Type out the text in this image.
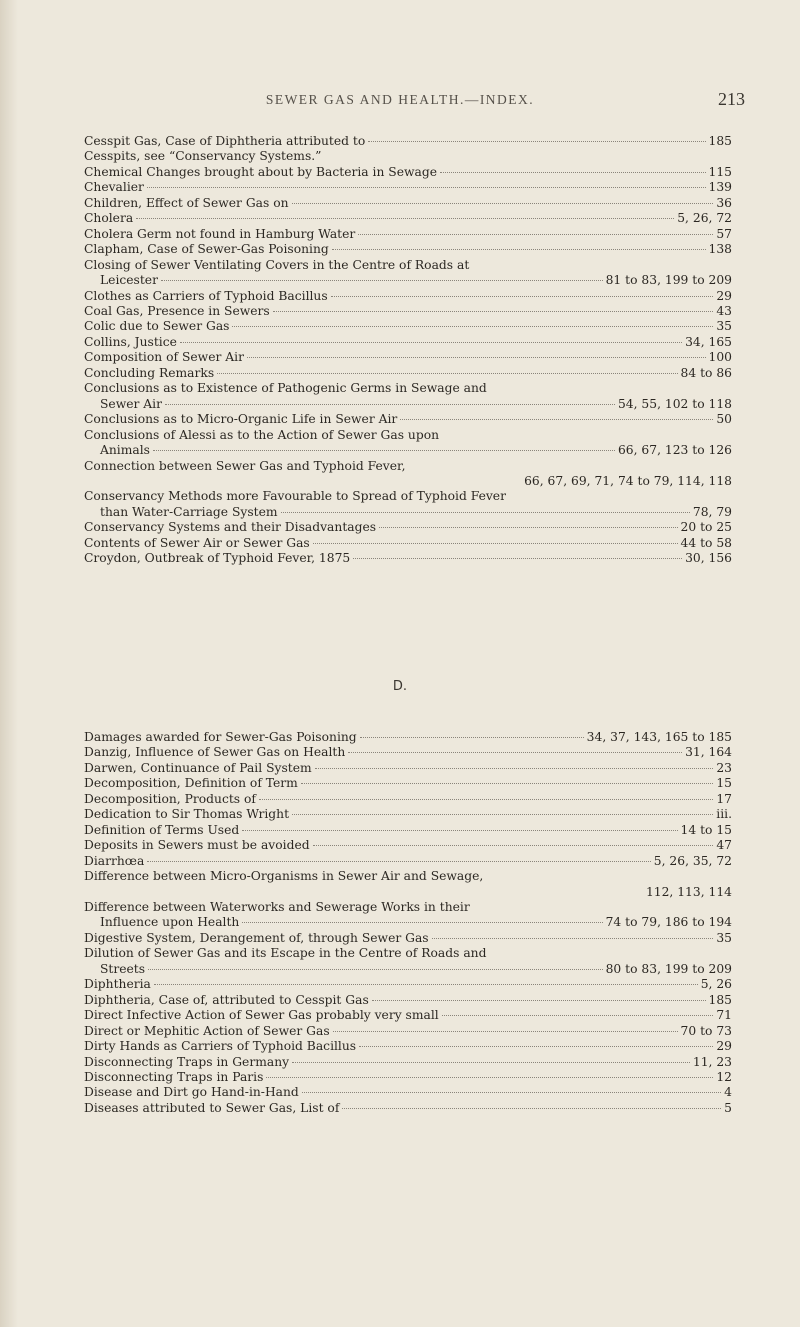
SEWER GAS AND HEALTH.—INDEX.	213
Cesspit Gas, Case of Diphtheria attributed to	185
Cesspits, see “Conservancy Systems.”
Chemical Changes brought about by Bacteria in Sewage	115
Chevalier	139
Children, Effect of Sewer Gas on	36
Cholera	5, 26, 72
Cholera Germ not found in Hamburg Water	57
Clapham, Case of Sewer-Gas Poisoning	138
Closing of Sewer Ventilating Covers in the Centre of Roads at
Leicester	81 to 83, 199 to 209
Clothes as Carriers of Typhoid Bacillus	29
Coal Gas, Presence in Sewers	43
Colic due to Sewer Gas	35
Collins, Justice	34, 165
Composition of Sewer Air	100
Concluding Remarks	84 to 86
Conclusions as to Existence of Pathogenic Germs in Sewage and
Sewer Air	54, 55, 102 to 118
Conclusions as to Micro-Organic Life in Sewer Air	50
Conclusions of Alessi as to the Action of Sewer Gas upon
Animals	66, 67, 123 to 126
Connection between Sewer Gas and Typhoid Fever,
66, 67, 69, 71, 74 to 79, 114, 118
Conservancy Methods more Favourable to Spread of Typhoid Fever
than Water-Carriage System	78, 79
Conservancy Systems and their Disadvantages	20 to 25
Contents of Sewer Air or Sewer Gas	44 to 58
Croydon, Outbreak of Typhoid Fever, 1875	30, 156
D.
Damages awarded for Sewer-Gas Poisoning	34, 37, 143, 165 to 185
Danzig, Influence of Sewer Gas on Health	31, 164
Darwen, Continuance of Pail System	23
Decomposition, Definition of Term	15
Decomposition, Products of	17
Dedication to Sir Thomas Wright	iii.
Definition of Terms Used	14 to 15
Deposits in Sewers must be avoided	47
Diarrhœa	5, 26, 35, 72
Difference between Micro-Organisms in Sewer Air and Sewage,
112, 113, 114
Difference between Waterworks and Sewerage Works in their
Influence upon Health	74 to 79, 186 to 194
Digestive System, Derangement of, through Sewer Gas	35
Dilution of Sewer Gas and its Escape in the Centre of Roads and
Streets	80 to 83, 199 to 209
Diphtheria	5, 26
Diphtheria, Case of, attributed to Cesspit Gas	185
Direct Infective Action of Sewer Gas probably very small	71
Direct or Mephitic Action of Sewer Gas	70 to 73
Dirty Hands as Carriers of Typhoid Bacillus	29
Disconnecting Traps in Germany	11, 23
Disconnecting Traps in Paris	12
Disease and Dirt go Hand-in-Hand	4
Diseases attributed to Sewer Gas, List of	5
